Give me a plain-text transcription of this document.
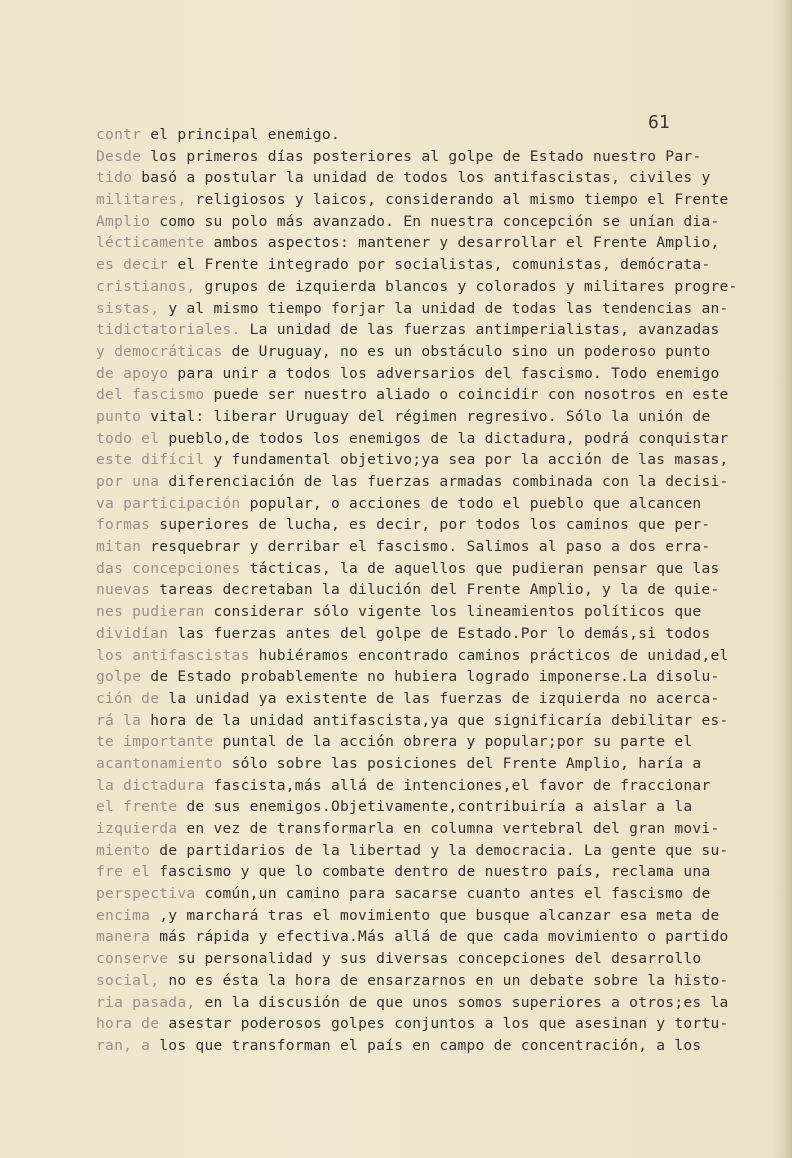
61

contr el principal enemigo.
Desde los primeros días posteriores al golpe de Estado nuestro Par-
tido basó a postular la unidad de todos los antifascistas, civiles y
militares, religiosos y laicos, considerando al mismo tiempo el Frente
Amplio como su polo más avanzado. En nuestra concepción se unían dia-
lécticamente ambos aspectos: mantener y desarrollar el Frente Amplio,
es decir el Frente integrado por socialistas, comunistas, demócrata-
cristianos, grupos de izquierda blancos y colorados y militares progre-
sistas, y al mismo tiempo forjar la unidad de todas las tendencias an-
tidictatoriales. La unidad de las fuerzas antimperialistas, avanzadas
y democráticas de Uruguay, no es un obstáculo sino un poderoso punto
de apoyo para unir a todos los adversarios del fascismo. Todo enemigo
del fascismo puede ser nuestro aliado o coincidir con nosotros en este
punto vital: liberar Uruguay del régimen regresivo. Sólo la unión de
todo el pueblo,de todos los enemigos de la dictadura, podrá conquistar
este difícil y fundamental objetivo;ya sea por la acción de las masas,
por una diferenciación de las fuerzas armadas combinada con la decisi-
va participación popular, o acciones de todo el pueblo que alcancen
formas superiores de lucha, es decir, por todos los caminos que per-
mitan resquebrar y derribar el fascismo. Salimos al paso a dos erra-
das concepciones tácticas, la de aquellos que pudieran pensar que las
nuevas tareas decretaban la dilución del Frente Amplio, y la de quie-
nes pudieran considerar sólo vigente los lineamientos políticos que
dividían las fuerzas antes del golpe de Estado.Por lo demás,si todos
los antifascistas hubiéramos encontrado caminos prácticos de unidad,el
golpe de Estado probablemente no hubiera logrado imponerse.La disolu-
ción de la unidad ya existente de las fuerzas de izquierda no acerca-
rá la hora de la unidad antifascista,ya que significaría debilitar es-
te importante puntal de la acción obrera y popular;por su parte el
acantonamiento sólo sobre las posiciones del Frente Amplio, haría a
la dictadura fascista,más allá de intenciones,el favor de fraccionar
el frente de sus enemigos.Objetivamente,contribuiría a aislar a la
izquierda en vez de transformarla en columna vertebral del gran movi-
miento de partidarios de la libertad y la democracia. La gente que su-
fre el fascismo y que lo combate dentro de nuestro país, reclama una
perspectiva común,un camino para sacarse cuanto antes el fascismo de
encima ,y marchará tras el movimiento que busque alcanzar esa meta de
manera más rápida y efectiva.Más allá de que cada movimiento o partido
conserve su personalidad y sus diversas concepciones del desarrollo
social, no es ésta la hora de ensarzarnos en un debate sobre la histo-
ria pasada, en la discusión de que unos somos superiores a otros;es la
hora de asestar poderosos golpes conjuntos a los que asesinan y tortu-
ran, a los que transforman el país en campo de concentración, a los
